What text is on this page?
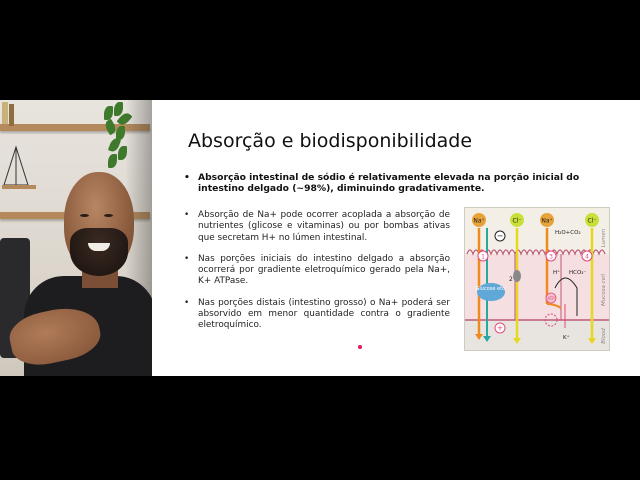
Absorção e biodisponibilidade
• Absorção intestinal de sódio é relativamente elevada na porção inicial do intestino delgado (~98%), diminuindo gradativamente.
• Absorção de Na+ pode ocorrer acoplada a absorção de nutrientes (glicose e vitaminas) ou por bombas ativas que secretam H+ no lúmen intestinal.
• Nas porções iniciais do intestino delgado a absorção ocorrerá por gradiente eletroquímico gerado pela Na+, K+ ATPase.
• Nas porções distais (intestino grosso) o Na+ poderá ser absorvido em menor quantidade contra o gradiente eletroquímico.
Na⁺	Cl⁻	Na⁺	Cl⁻
−
2
1	3	4
H₂O+CO₂
H⁺ HCO₃⁻
Glucose etc.
ATP
+
K⁺
Lumen
Mucosa cell
Blood
